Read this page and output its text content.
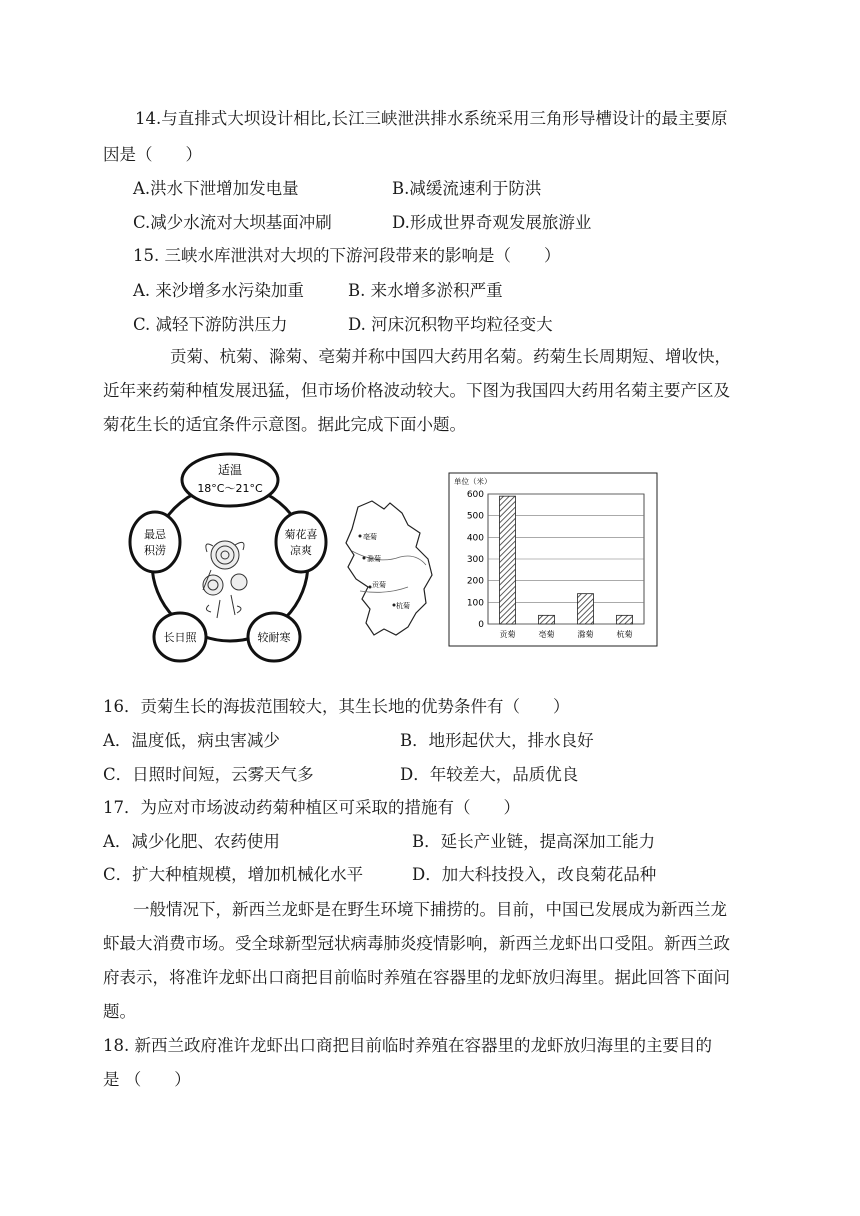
14.与直排式大坝设计相比,长江三峡泄洪排水系统采用三角形导槽设计的最主要原
因是（　　）
A.洪水下泄增加发电量	B.减缓流速利于防洪
C.减少水流对大坝基面冲刷	D.形成世界奇观发展旅游业
15. 三峡水库泄洪对大坝的下游河段带来的影响是（　　）
A. 来沙增多水污染加重	B. 来水增多淤积严重
C. 减轻下游防洪压力	D. 河床沉积物平均粒径变大
贡菊、杭菊、滁菊、亳菊并称中国四大药用名菊。药菊生长周期短、增收快，
近年来药菊种植发展迅猛，但市场价格波动较大。下图为我国四大药用名菊主要产区及
菊花生长的适宜条件示意图。据此完成下面小题。
适温
18°C～21°C
菊花喜
凉爽
较耐寒
长日照
最忌
积涝
亳菊
滁菊
贡菊
杭菊
单位（米）
0
100
200
300
400
500
600
贡菊	亳菊	滁菊	杭菊
16．贡菊生长的海拔范围较大，其生长地的优势条件有（　　）
A．温度低，病虫害减少	B．地形起伏大，排水良好
C．日照时间短，云雾天气多	D．年较差大，品质优良
17．为应对市场波动药菊种植区可采取的措施有（　　）
A．减少化肥、农药使用	B．延长产业链，提高深加工能力
C．扩大种植规模，增加机械化水平	D．加大科技投入，改良菊花品种
一般情况下，新西兰龙虾是在野生环境下捕捞的。目前，中国已发展成为新西兰龙
虾最大消费市场。受全球新型冠状病毒肺炎疫情影响，新西兰龙虾出口受阻。新西兰政
府表示，将准许龙虾出口商把目前临时养殖在容器里的龙虾放归海里。据此回答下面问
题。
18. 新西兰政府准许龙虾出口商把目前临时养殖在容器里的龙虾放归海里的主要目的
是 （　　）
